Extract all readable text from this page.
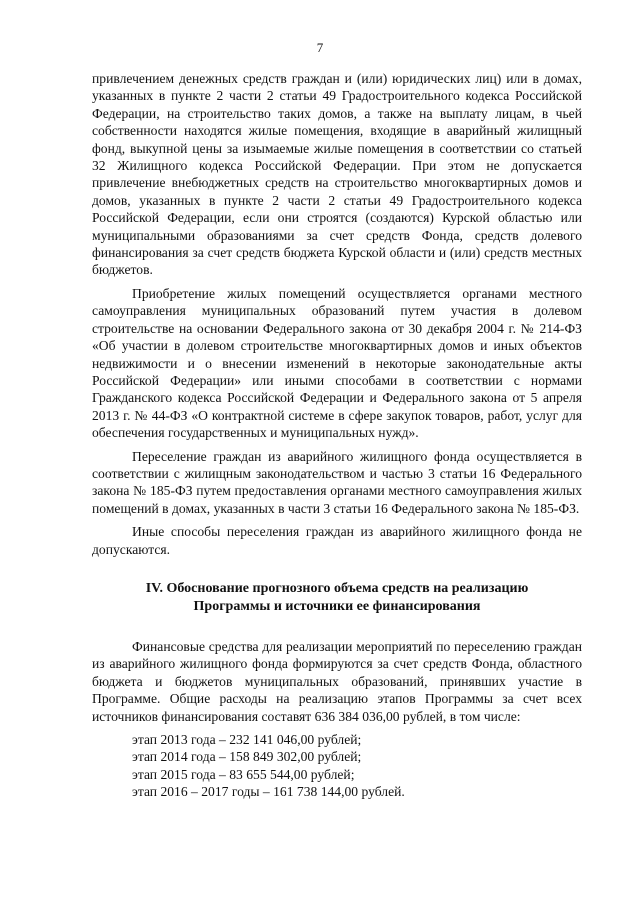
7

привлечением денежных средств граждан и (или) юридических лиц) или в домах, указанных в пункте 2 части 2 статьи 49 Градостроительного кодекса Российской Федерации, на строительство таких домов, а также на выплату лицам, в чьей собственности находятся жилые помещения, входящие в аварийный жилищный фонд, выкупной цены за изымаемые жилые помещения в соответствии со статьей 32 Жилищного кодекса Российской Федерации. При этом не допускается привлечение внебюджетных средств на строительство многоквартирных домов и домов, указанных в пункте 2 части 2 статьи 49 Градостроительного кодекса Российской Федерации, если они строятся (создаются) Курской областью или муниципальными образованиями за счет средств Фонда, средств долевого финансирования за счет средств бюджета Курской области и (или) средств местных бюджетов.

Приобретение жилых помещений осуществляется органами местного самоуправления муниципальных образований путем участия в долевом строительстве на основании Федерального закона от 30 декабря 2004 г. № 214-ФЗ «Об участии в долевом строительстве многоквартирных домов и иных объектов недвижимости и о внесении изменений в некоторые законодательные акты Российской Федерации» или иными способами в соответствии с нормами Гражданского кодекса Российской Федерации и Федерального закона от 5 апреля 2013 г. № 44-ФЗ «О контрактной системе в сфере закупок товаров, работ, услуг для обеспечения государственных и муниципальных нужд».

Переселение граждан из аварийного жилищного фонда осуществляется в соответствии с жилищным законодательством и частью 3 статьи 16 Федерального закона № 185-ФЗ путем предоставления органами местного самоуправления жилых помещений в домах, указанных в части 3 статьи 16 Федерального закона № 185-ФЗ.

Иные способы переселения граждан из аварийного жилищного фонда не допускаются.

IV. Обоснование прогнозного объема средств на реализацию
Программы и источники ее финансирования

Финансовые средства для реализации мероприятий по переселению граждан из аварийного жилищного фонда формируются за счет средств Фонда, областного бюджета и бюджетов муниципальных образований, принявших участие в Программе. Общие расходы на реализацию этапов Программы за счет всех источников финансирования составят 636 384 036,00 рублей, в том числе:

этап 2013 года – 232 141 046,00 рублей;
этап 2014 года – 158 849 302,00 рублей;
этап 2015 года – 83 655 544,00 рублей;
этап 2016 – 2017 годы – 161 738 144,00 рублей.
